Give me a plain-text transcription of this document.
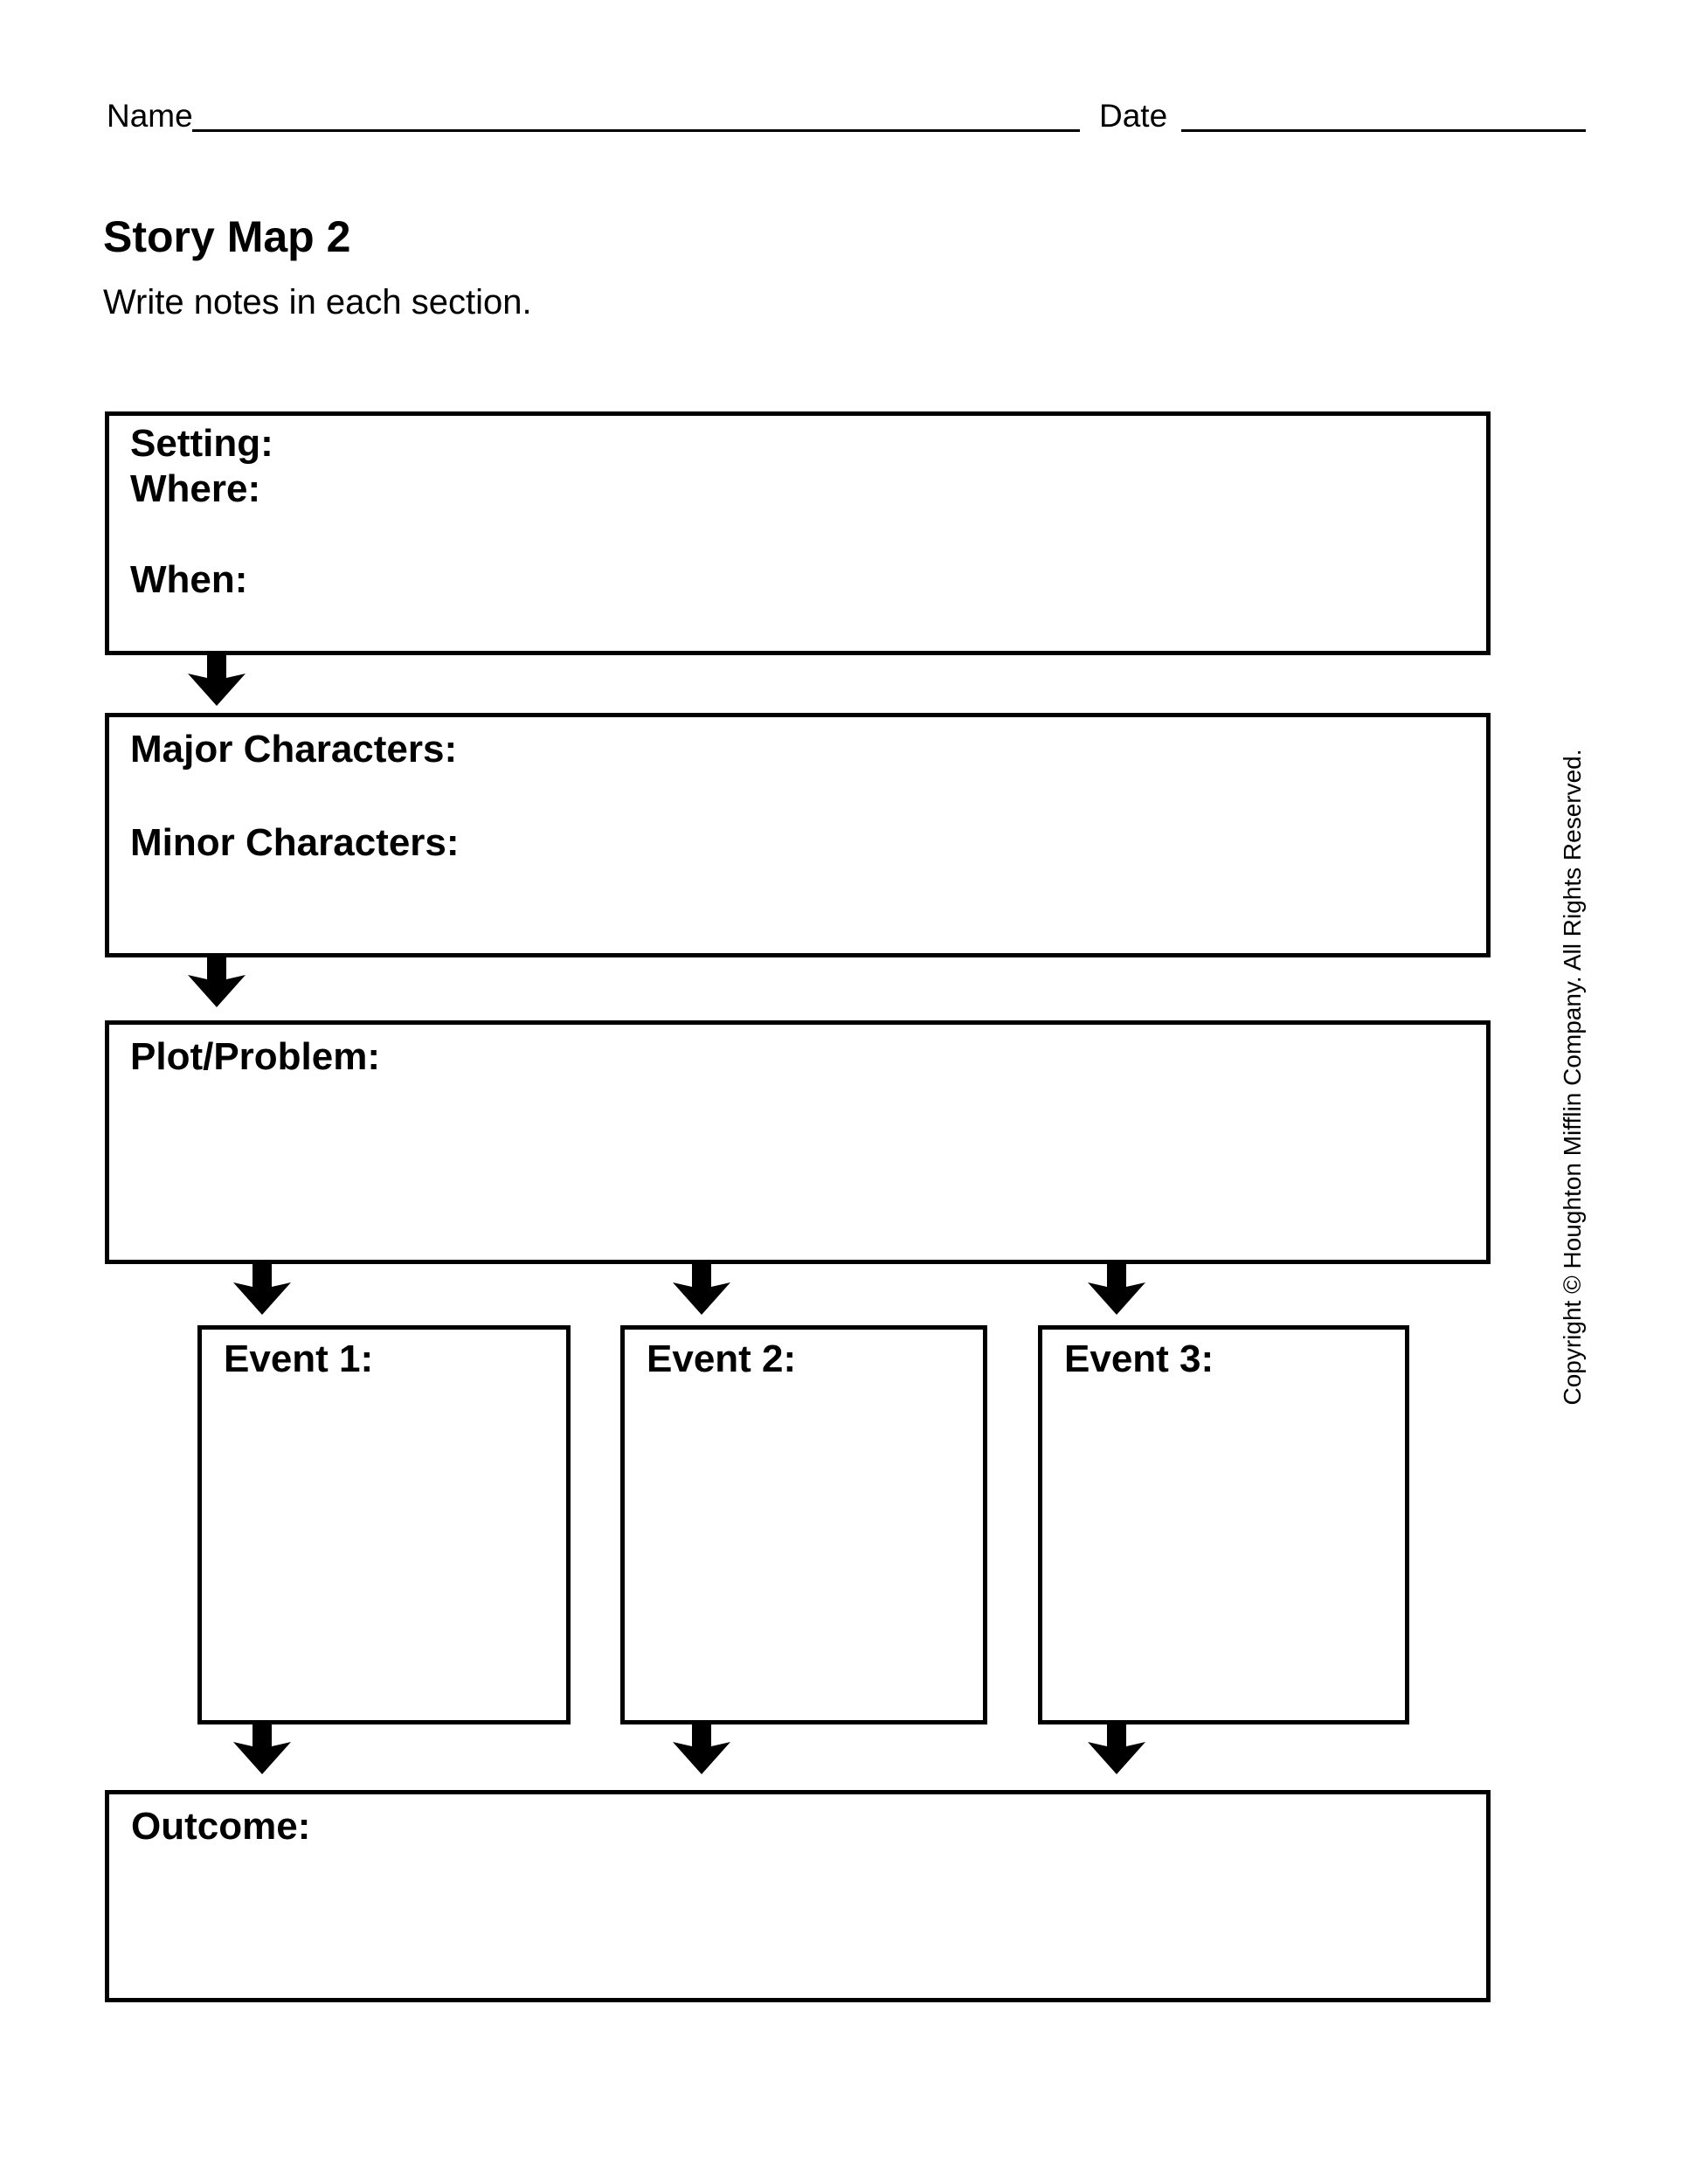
Name	Date
Story Map 2
Write notes in each section.
Setting:
Where:
When:
Major Characters:
Minor Characters:
Plot/Problem:
Event 1:	Event 2:	Event 3:
Outcome:
Copyright © Houghton Mifflin Company. All Rights Reserved.
